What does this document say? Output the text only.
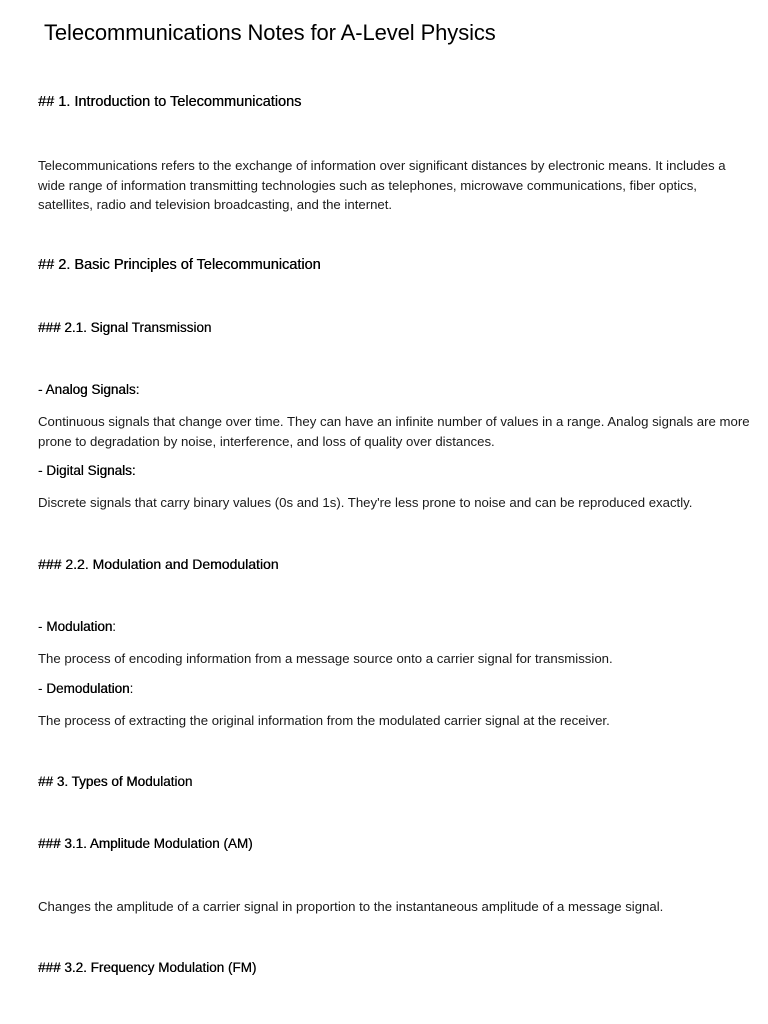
Telecommunications Notes for A-Level Physics
## 1. Introduction to Telecommunications

Telecommunications refers to the exchange of information over significant distances by electronic means. It includes a wide range of information transmitting technologies such as telephones, microwave communications, fiber optics, satellites, radio and television broadcasting, and the internet.

## 2. Basic Principles of Telecommunication
### 2.1. Signal Transmission
- Analog Signals:

Continuous signals that change over time. They can have an infinite number of values in a range. Analog signals are more prone to degradation by noise, interference, and loss of quality over distances.

- Digital Signals:

Discrete signals that carry binary values (0s and 1s). They're less prone to noise and can be reproduced exactly.

### 2.2. Modulation and Demodulation
- Modulation:

The process of encoding information from a message source onto a carrier signal for transmission.

- Demodulation:

The process of extracting the original information from the modulated carrier signal at the receiver.

## 3. Types of Modulation
### 3.1. Amplitude Modulation (AM)

Changes the amplitude of a carrier signal in proportion to the instantaneous amplitude of a message signal.

### 3.2. Frequency Modulation (FM)
